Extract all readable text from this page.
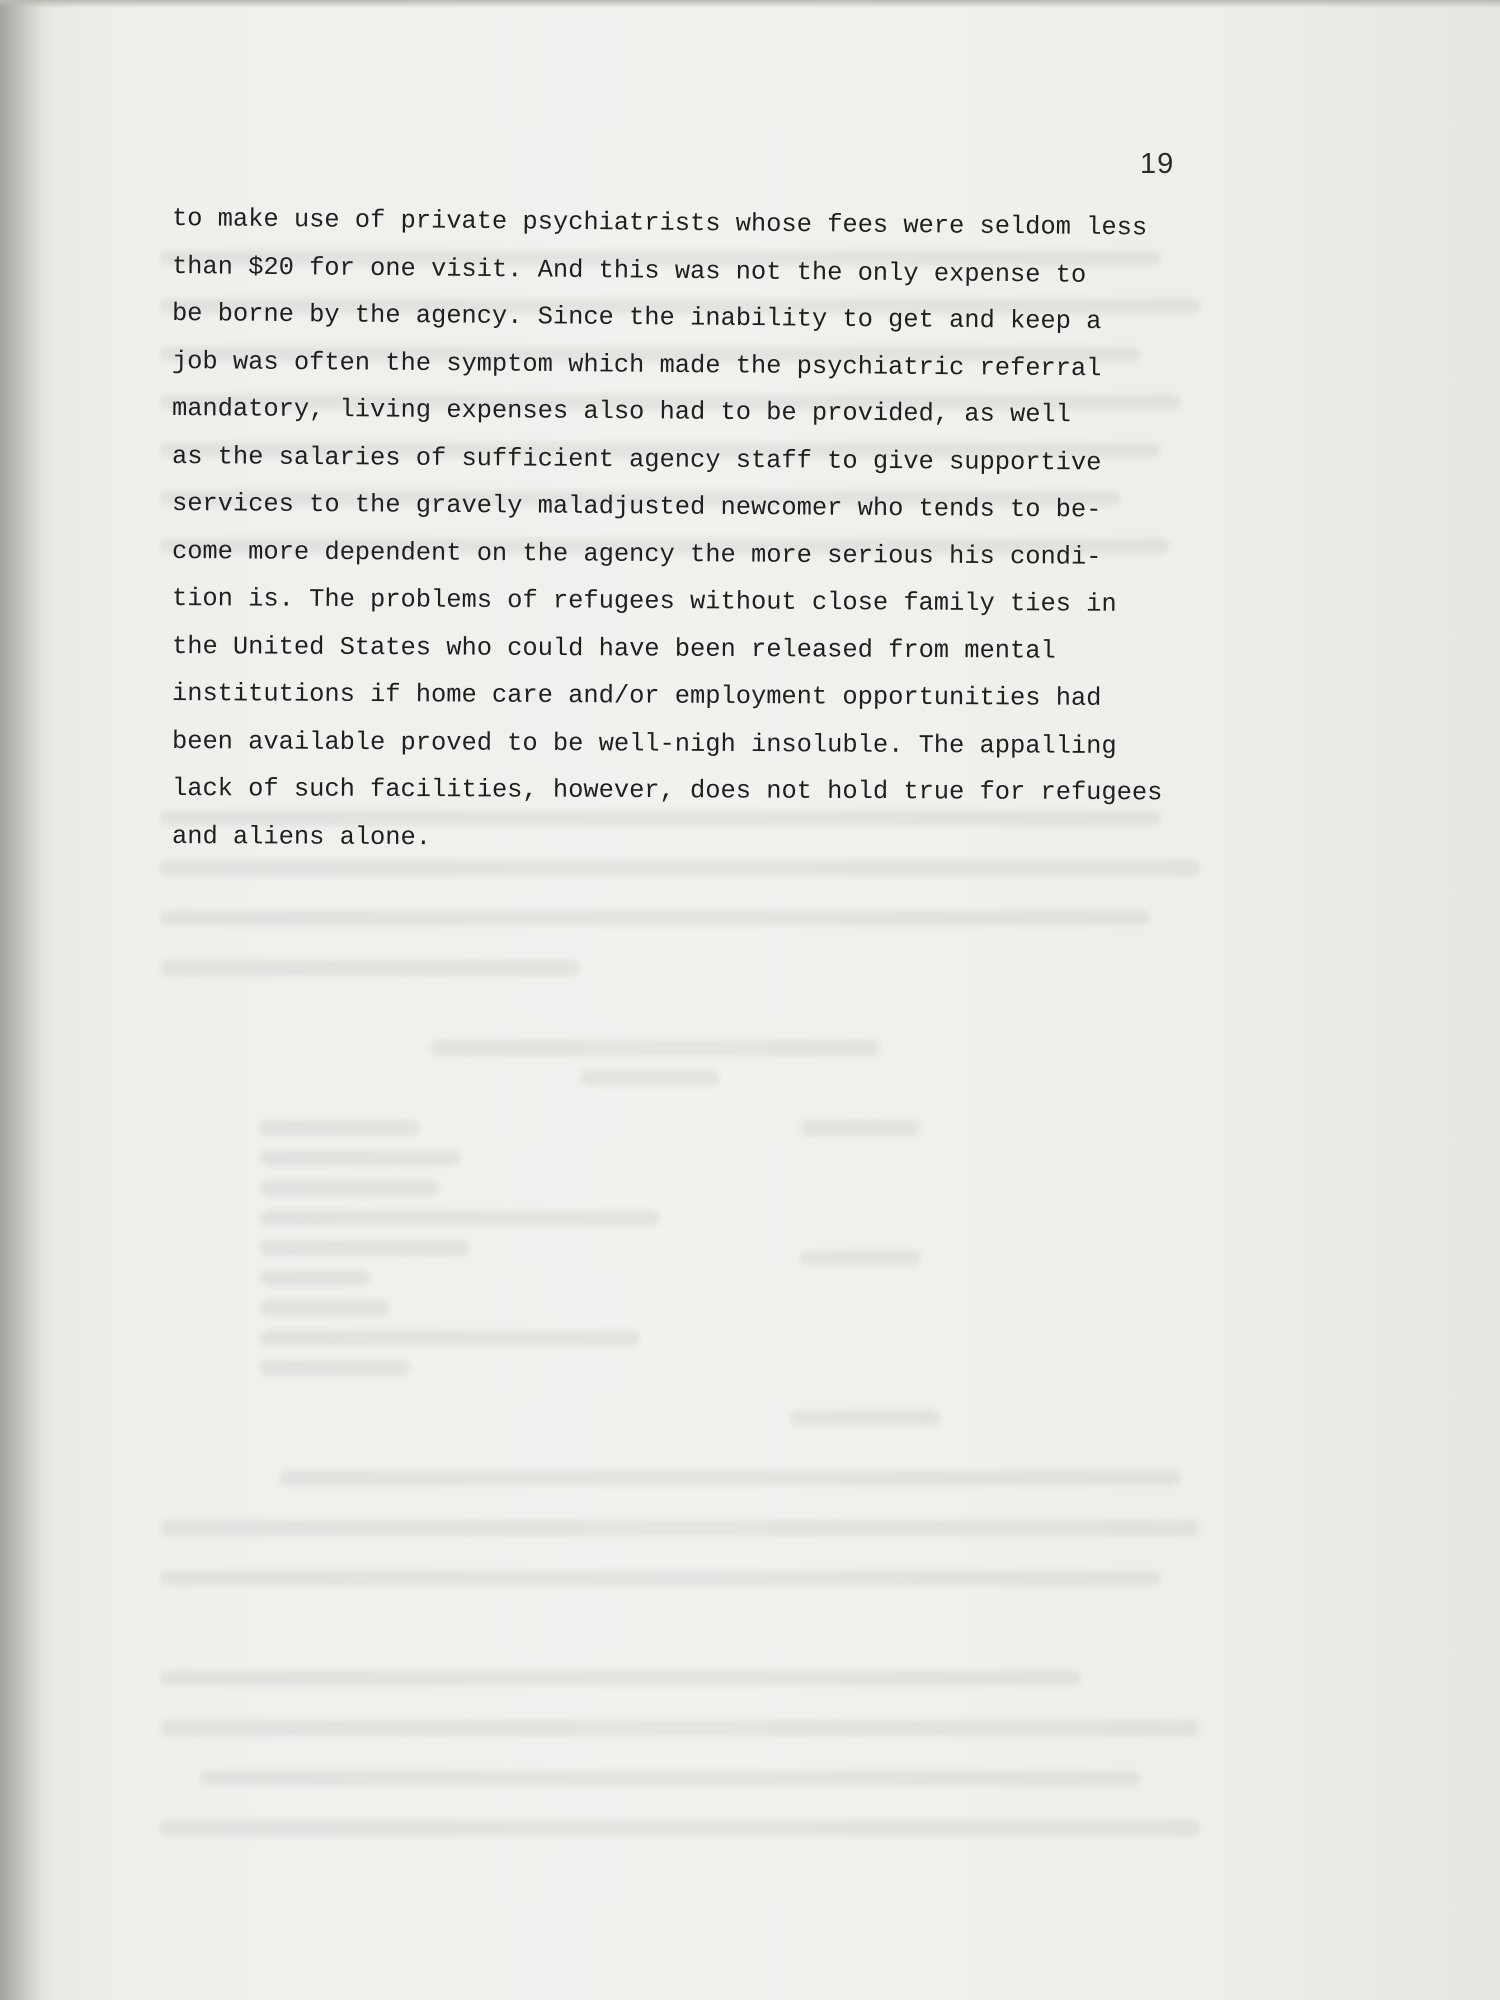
19

to make use of private psychiatrists whose fees were seldom less
than $20 for one visit. And this was not the only expense to
be borne by the agency. Since the inability to get and keep a
job was often the symptom which made the psychiatric referral
mandatory, living expenses also had to be provided, as well
as the salaries of sufficient agency staff to give supportive
services to the gravely maladjusted newcomer who tends to be-
come more dependent on the agency the more serious his condi-
tion is. The problems of refugees without close family ties in
the United States who could have been released from mental
institutions if home care and/or employment opportunities had
been available proved to be well-nigh insoluble. The appalling
lack of such facilities, however, does not hold true for refugees
and aliens alone.
